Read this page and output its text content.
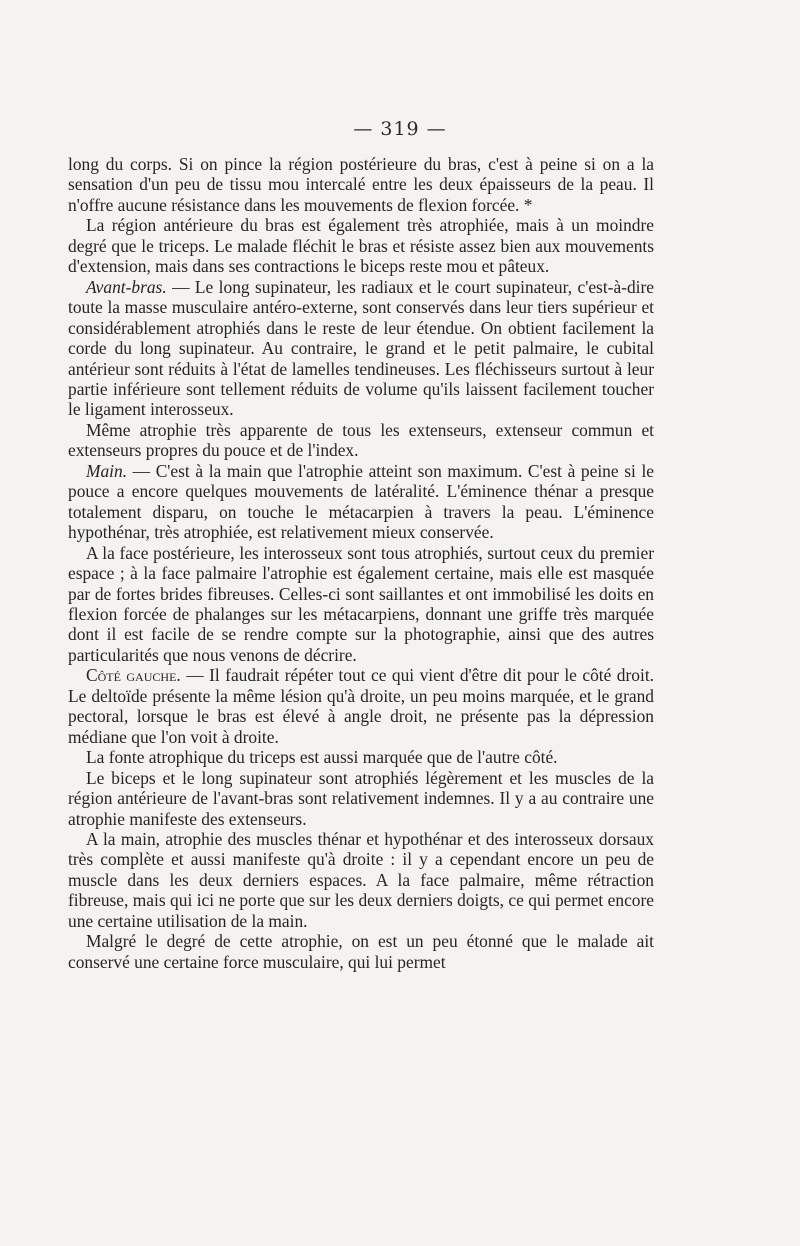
— 319 —

long du corps. Si on pince la région postérieure du bras, c'est à peine si on a la sensation d'un peu de tissu mou intercalé entre les deux épaisseurs de la peau. Il n'offre aucune résistance dans les mouvements de flexion forcée. *

La région antérieure du bras est également très atrophiée, mais à un moindre degré que le triceps. Le malade fléchit le bras et résiste assez bien aux mouvements d'extension, mais dans ses contractions le biceps reste mou et pâteux.

Avant-bras. — Le long supinateur, les radiaux et le court supinateur, c'est-à-dire toute la masse musculaire antéro-externe, sont conservés dans leur tiers supérieur et considérablement atrophiés dans le reste de leur étendue. On obtient facilement la corde du long supinateur. Au contraire, le grand et le petit palmaire, le cubital antérieur sont réduits à l'état de lamelles tendineuses. Les fléchisseurs surtout à leur partie inférieure sont tellement réduits de volume qu'ils laissent facilement toucher le ligament interosseux.

Même atrophie très apparente de tous les extenseurs, extenseur commun et extenseurs propres du pouce et de l'index.

Main. — C'est à la main que l'atrophie atteint son maximum. C'est à peine si le pouce a encore quelques mouvements de latéralité. L'éminence thénar a presque totalement disparu, on touche le métacarpien à travers la peau. L'éminence hypothénar, très atrophiée, est relativement mieux conservée.

A la face postérieure, les interosseux sont tous atrophiés, surtout ceux du premier espace ; à la face palmaire l'atrophie est également certaine, mais elle est masquée par de fortes brides fibreuses. Celles-ci sont saillantes et ont immobilisé les doits en flexion forcée de phalanges sur les métacarpiens, donnant une griffe très marquée dont il est facile de se rendre compte sur la photographie, ainsi que des autres particularités que nous venons de décrire.

Côté gauche. — Il faudrait répéter tout ce qui vient d'être dit pour le côté droit. Le deltoïde présente la même lésion qu'à droite, un peu moins marquée, et le grand pectoral, lorsque le bras est élevé à angle droit, ne présente pas la dépression médiane que l'on voit à droite.

La fonte atrophique du triceps est aussi marquée que de l'autre côté.

Le biceps et le long supinateur sont atrophiés légèrement et les muscles de la région antérieure de l'avant-bras sont relativement indemnes. Il y a au contraire une atrophie manifeste des extenseurs.

A la main, atrophie des muscles thénar et hypothénar et des interosseux dorsaux très complète et aussi manifeste qu'à droite : il y a cependant encore un peu de muscle dans les deux derniers espaces. A la face palmaire, même rétraction fibreuse, mais qui ici ne porte que sur les deux derniers doigts, ce qui permet encore une certaine utilisation de la main.

Malgré le degré de cette atrophie, on est un peu étonné que le malade ait conservé une certaine force musculaire, qui lui permet
